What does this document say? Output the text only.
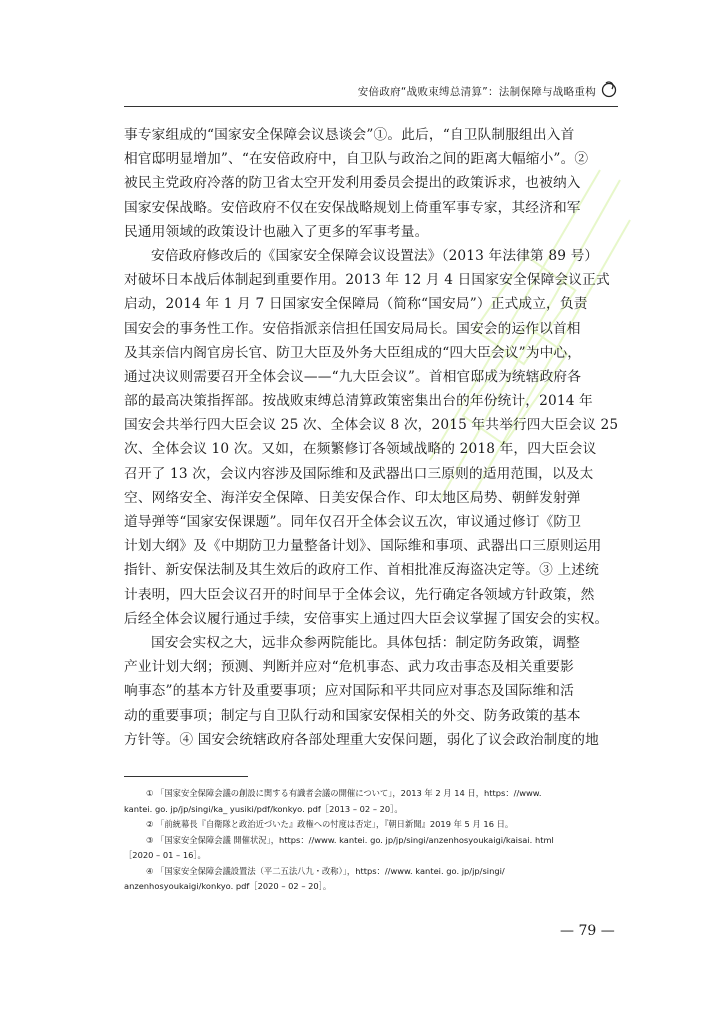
安倍政府“战败束缚总清算”：法制保障与战略重构
事专家组成的“国家安全保障会议恳谈会”①。此后，“自卫队制服组出入首
相官邸明显增加”、“在安倍政府中，自卫队与政治之间的距离大幅缩小”。②
被民主党政府冷落的防卫省太空开发利用委员会提出的政策诉求，也被纳入
国家安保战略。安倍政府不仅在安保战略规划上倚重军事专家，其经济和军
民通用领域的政策设计也融入了更多的军事考量。
安倍政府修改后的《国家安全保障会议设置法》（2013 年法律第 89 号）
对破坏日本战后体制起到重要作用。2013 年 12 月 4 日国家安全保障会议正式
启动，2014 年 1 月 7 日国家安全保障局（简称“国安局”）正式成立，负责
国安会的事务性工作。安倍指派亲信担任国安局局长。国安会的运作以首相
及其亲信内阁官房长官、防卫大臣及外务大臣组成的“四大臣会议”为中心，
通过决议则需要召开全体会议——“九大臣会议”。首相官邸成为统辖政府各
部的最高决策指挥部。按战败束缚总清算政策密集出台的年份统计，2014 年
国安会共举行四大臣会议 25 次、全体会议 8 次，2015 年共举行四大臣会议 25
次、全体会议 10 次。又如，在频繁修订各领域战略的 2018 年，四大臣会议
召开了 13 次，会议内容涉及国际维和及武器出口三原则的适用范围，以及太
空、网络安全、海洋安全保障、日美安保合作、印太地区局势、朝鲜发射弹
道导弹等“国家安保课题”。同年仅召开全体会议五次，审议通过修订《防卫
计划大纲》及《中期防卫力量整备计划》、国际维和事项、武器出口三原则运用
指针、新安保法制及其生效后的政府工作、首相批准反海盗决定等。③ 上述统
计表明，四大臣会议召开的时间早于全体会议，先行确定各领域方针政策，然
后经全体会议履行通过手续，安倍事实上通过四大臣会议掌握了国安会的实权。
国安会实权之大，远非众参两院能比。具体包括：制定防务政策，调整
产业计划大纲；预测、判断并应对“危机事态、武力攻击事态及相关重要影
响事态”的基本方针及重要事项；应对国际和平共同应对事态及国际维和活
动的重要事项；制定与自卫队行动和国家安保相关的外交、防务政策的基本
方针等。④ 国安会统辖政府各部处理重大安保问题，弱化了议会政治制度的地
① 「国家安全保障会議の創設に関する有識者会議の開催について」，2013 年 2 月 14 日，https：//www.
kantei. go. jp/jp/singi/ka_ yusiki/pdf/konkyo. pdf［2013 – 02 – 20］。
② 「前統幕長『自衛隊と政治近づいた』政権への忖度は否定」，『朝日新聞』2019 年 5 月 16 日。
③ 「国家安全保障会議 開催状況」，https：//www. kantei. go. jp/jp/singi/anzenhosyoukaigi/kaisai. html
［2020 – 01 – 16］。
④ 「国家安全保障会議設置法（平二五法八九・改称）」，https：//www. kantei. go. jp/jp/singi/
anzenhosyoukaigi/konkyo. pdf［2020 – 02 – 20］。
— 79 —
